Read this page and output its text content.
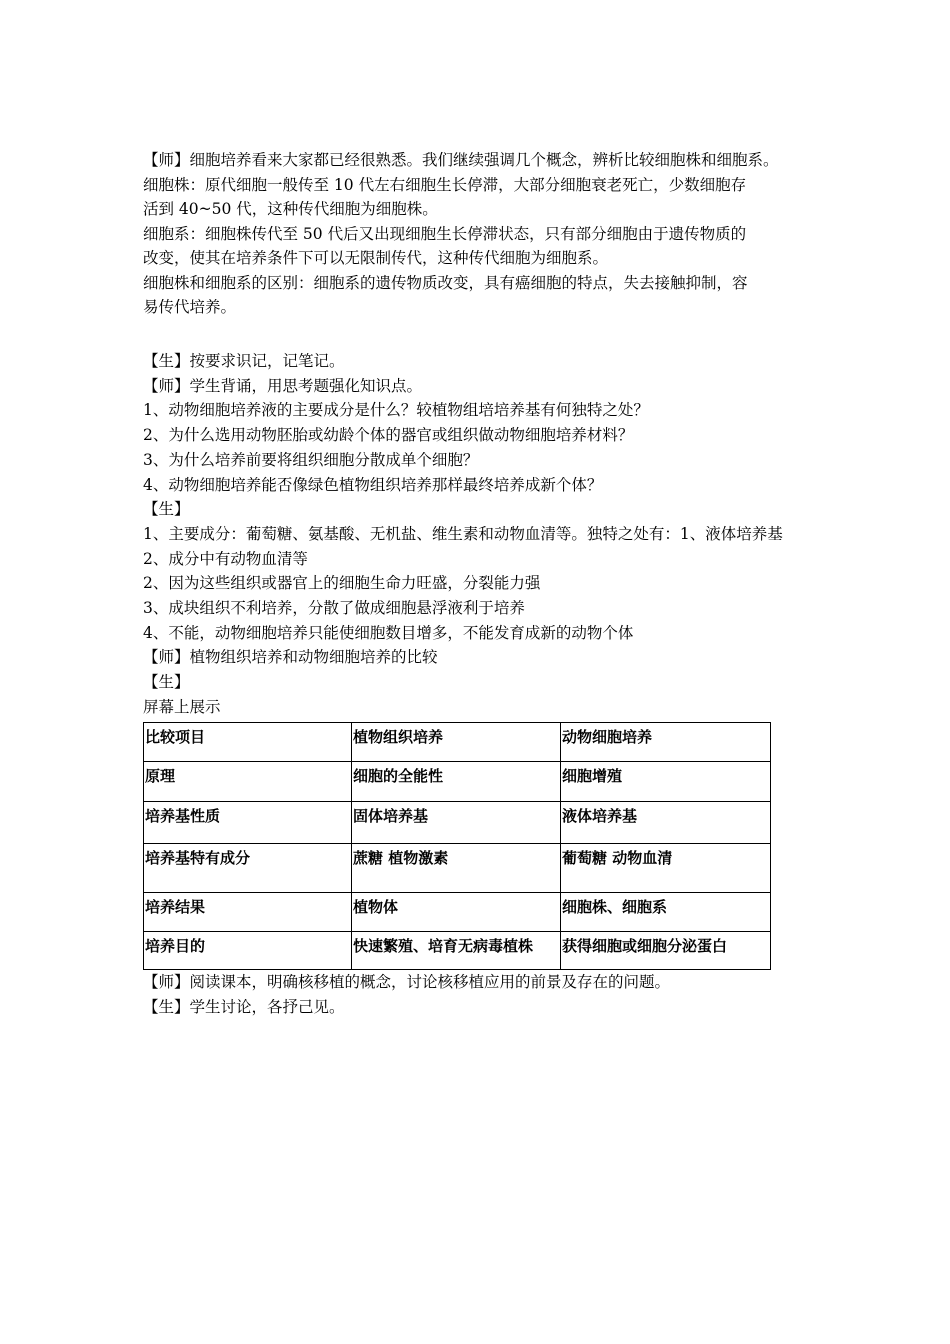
【师】细胞培养看来大家都已经很熟悉。我们继续强调几个概念，辨析比较细胞株和细胞系。
细胞株：原代细胞一般传至 10 代左右细胞生长停滞，大部分细胞衰老死亡，少数细胞存
活到 40~50 代，这种传代细胞为细胞株。
细胞系：细胞株传代至 50 代后又出现细胞生长停滞状态，只有部分细胞由于遗传物质的
改变，使其在培养条件下可以无限制传代，这种传代细胞为细胞系。
细胞株和细胞系的区别：细胞系的遗传物质改变，具有癌细胞的特点，失去接触抑制，容
易传代培养。
【生】按要求识记，记笔记。
【师】学生背诵，用思考题强化知识点。
1、动物细胞培养液的主要成分是什么？较植物组培培养基有何独特之处？
2、为什么选用动物胚胎或幼龄个体的器官或组织做动物细胞培养材料？
3、为什么培养前要将组织细胞分散成单个细胞？
4、动物细胞培养能否像绿色植物组织培养那样最终培养成新个体？
【生】
1、主要成分：葡萄糖、氨基酸、无机盐、维生素和动物血清等。独特之处有：1、液体培养基
2、成分中有动物血清等
2、因为这些组织或器官上的细胞生命力旺盛，分裂能力强
3、成块组织不利培养，分散了做成细胞悬浮液利于培养
4、不能，动物细胞培养只能使细胞数目增多，不能发育成新的动物个体
【师】植物组织培养和动物细胞培养的比较
【生】
屏幕上展示
比较项目	植物组织培养	动物细胞培养
原理	细胞的全能性	细胞增殖
培养基性质	固体培养基	液体培养基
培养基特有成分	蔗糖 植物激素	葡萄糖 动物血清
培养结果	植物体	细胞株、细胞系
培养目的	快速繁殖、培育无病毒植株	获得细胞或细胞分泌蛋白
【师】阅读课本，明确核移植的概念，讨论核移植应用的前景及存在的问题。
【生】学生讨论，各抒己见。
